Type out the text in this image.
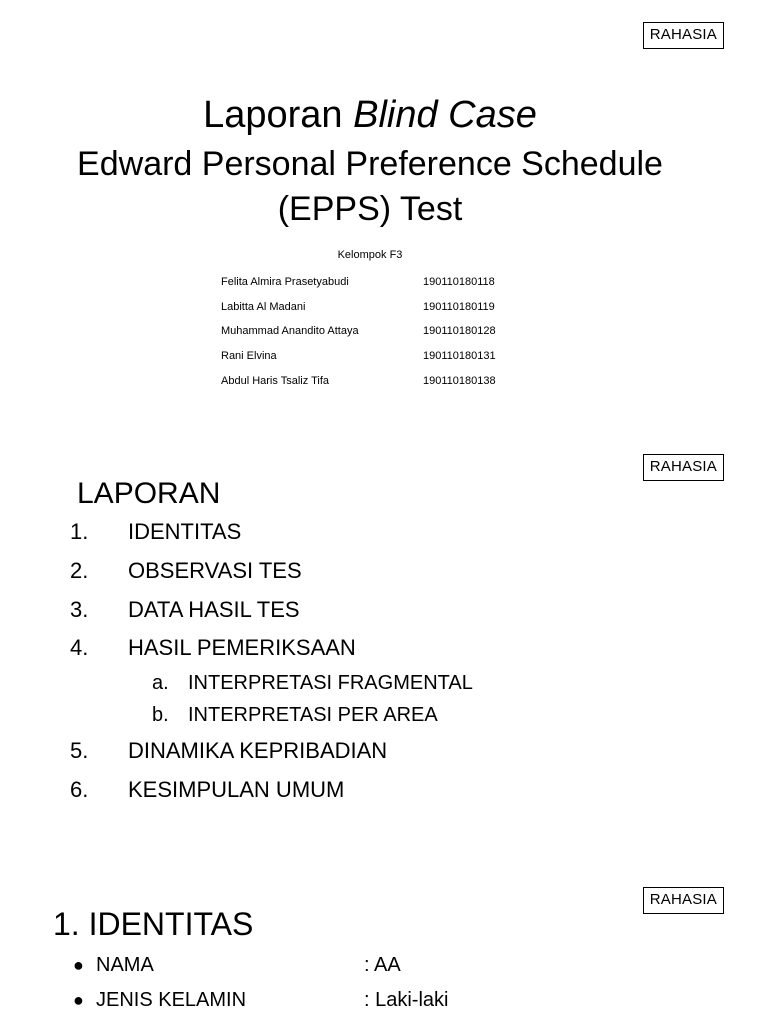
RAHASIA
Laporan Blind Case
Edward Personal Preference Schedule
(EPPS) Test
Kelompok F3
Felita Almira Prasetyabudi	190110180118
Labitta Al Madani	190110180119
Muhammad Anandito Attaya	190110180128
Rani Elvina	190110180131
Abdul Haris Tsaliz Tifa	190110180138
RAHASIA
LAPORAN
1.	IDENTITAS
2.	OBSERVASI TES
3.	DATA HASIL TES
4.	HASIL PEMERIKSAAN
a. INTERPRETASI FRAGMENTAL
b. INTERPRETASI PER AREA
5.	DINAMIKA KEPRIBADIAN
6.	KESIMPULAN UMUM
RAHASIA
1. IDENTITAS
● NAMA	: AA
● JENIS KELAMIN	: Laki-laki
